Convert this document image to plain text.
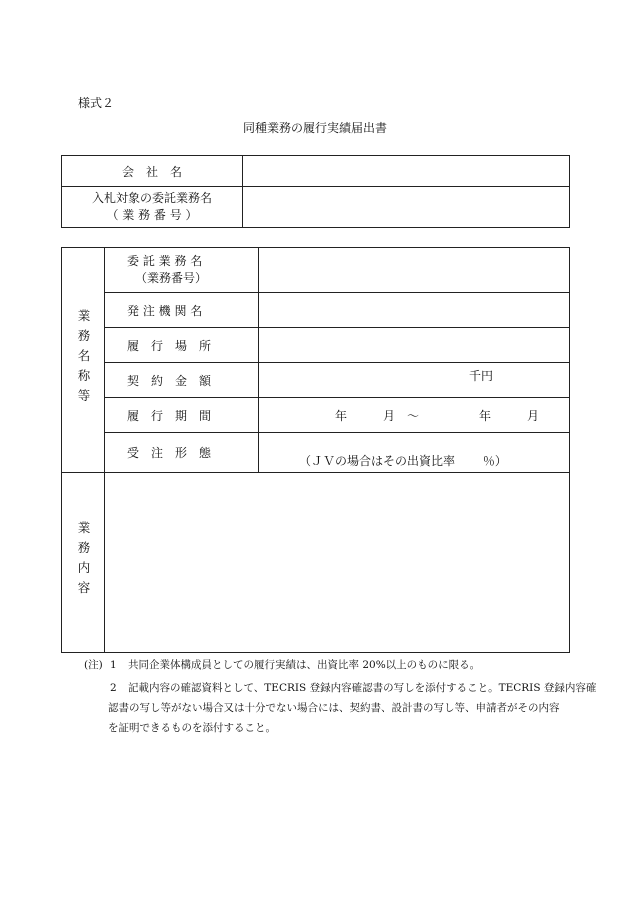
様式２
同種業務の履行実績届出書
会　社　名	

入札対象の委託業務名
（ 業 務 番 号 ）	

業務名称等	委 託 業 務 名
（業務番号）	

	発 注 機 関 名	
	履　行　場　所	
	契　約　金　額	千円
	履　行　期　間	年　　　月　～　　　　　年　　　月
	受　注　形　態	（ＪＶの場合はその出資比率　　 ％）
業務内容		
(注) 1 共同企業体構成員としての履行実績は、出資比率 20%以上のものに限る。
2 記載内容の確認資料として、TECRIS 登録内容確認書の写しを添付すること。TECRIS 登録内容確
認書の写し等がない場合又は十分でない場合には、契約書、設計書の写し等、申請者がその内容
を証明できるものを添付すること。
